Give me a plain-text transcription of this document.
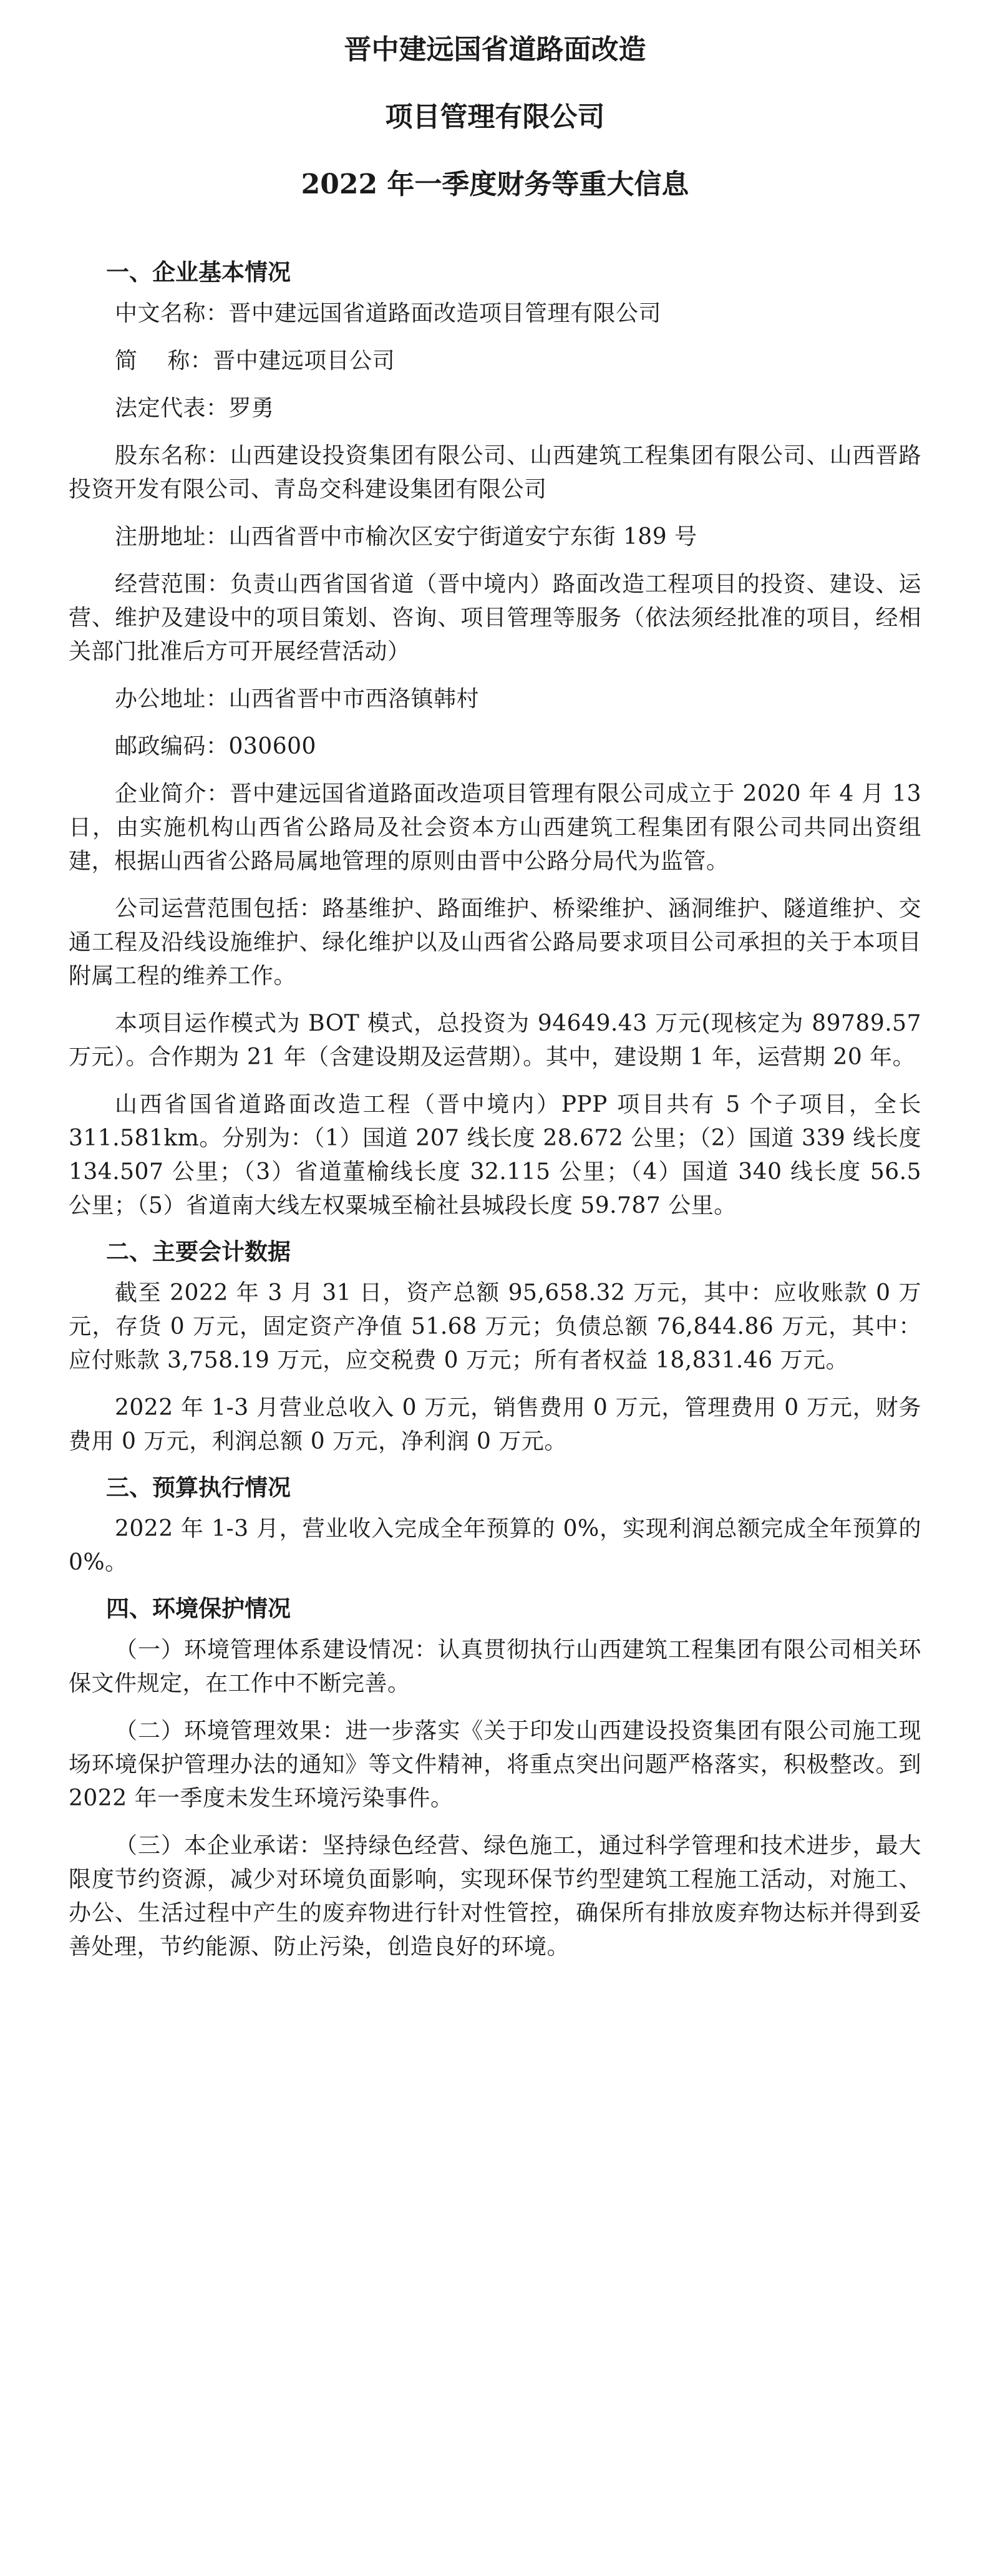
晋中建远国省道路面改造
项目管理有限公司
2022 年一季度财务等重大信息
一、企业基本情况

中文名称：晋中建远国省道路面改造项目管理有限公司

简    称：晋中建远项目公司

法定代表：罗勇

股东名称：山西建设投资集团有限公司、山西建筑工程集团有限公司、山西晋路投资开发有限公司、青岛交科建设集团有限公司

注册地址：山西省晋中市榆次区安宁街道安宁东街 189 号

经营范围：负责山西省国省道（晋中境内）路面改造工程项目的投资、建设、运营、维护及建设中的项目策划、咨询、项目管理等服务（依法须经批准的项目，经相关部门批准后方可开展经营活动）

办公地址：山西省晋中市西洛镇韩村

邮政编码：030600

企业简介：晋中建远国省道路面改造项目管理有限公司成立于 2020 年 4 月 13 日，由实施机构山西省公路局及社会资本方山西建筑工程集团有限公司共同出资组建，根据山西省公路局属地管理的原则由晋中公路分局代为监管。

公司运营范围包括：路基维护、路面维护、桥梁维护、涵洞维护、隧道维护、交通工程及沿线设施维护、绿化维护以及山西省公路局要求项目公司承担的关于本项目附属工程的维养工作。

本项目运作模式为 BOT 模式，总投资为 94649.43 万元(现核定为 89789.57 万元）。合作期为 21 年（含建设期及运营期）。其中，建设期 1 年，运营期 20 年。

山西省国省道路面改造工程（晋中境内）PPP 项目共有 5 个子项目，全长 311.581km。分别为：（1）国道 207 线长度 28.672 公里；（2）国道 339 线长度 134.507 公里；（3）省道董榆线长度 32.115 公里；（4）国道 340 线长度 56.5 公里；（5）省道南大线左权粟城至榆社县城段长度 59.787 公里。

二、主要会计数据

截至 2022 年 3 月 31 日，资产总额 95,658.32 万元，其中：应收账款 0 万元，存货 0 万元，固定资产净值 51.68 万元；负债总额 76,844.86 万元，其中：应付账款 3,758.19 万元，应交税费 0 万元；所有者权益 18,831.46 万元。

2022 年 1-3 月营业总收入 0 万元，销售费用 0 万元，管理费用 0 万元，财务费用 0 万元，利润总额 0 万元，净利润 0 万元。

三、预算执行情况

2022 年 1-3 月，营业收入完成全年预算的 0%，实现利润总额完成全年预算的 0%。

四、环境保护情况

（一）环境管理体系建设情况：认真贯彻执行山西建筑工程集团有限公司相关环保文件规定，在工作中不断完善。

（二）环境管理效果：进一步落实《关于印发山西建设投资集团有限公司施工现场环境保护管理办法的通知》等文件精神，将重点突出问题严格落实，积极整改。到 2022 年一季度未发生环境污染事件。

（三）本企业承诺：坚持绿色经营、绿色施工，通过科学管理和技术进步，最大限度节约资源，减少对环境负面影响，实现环保节约型建筑工程施工活动，对施工、办公、生活过程中产生的废弃物进行针对性管控，确保所有排放废弃物达标并得到妥善处理，节约能源、防止污染，创造良好的环境。
